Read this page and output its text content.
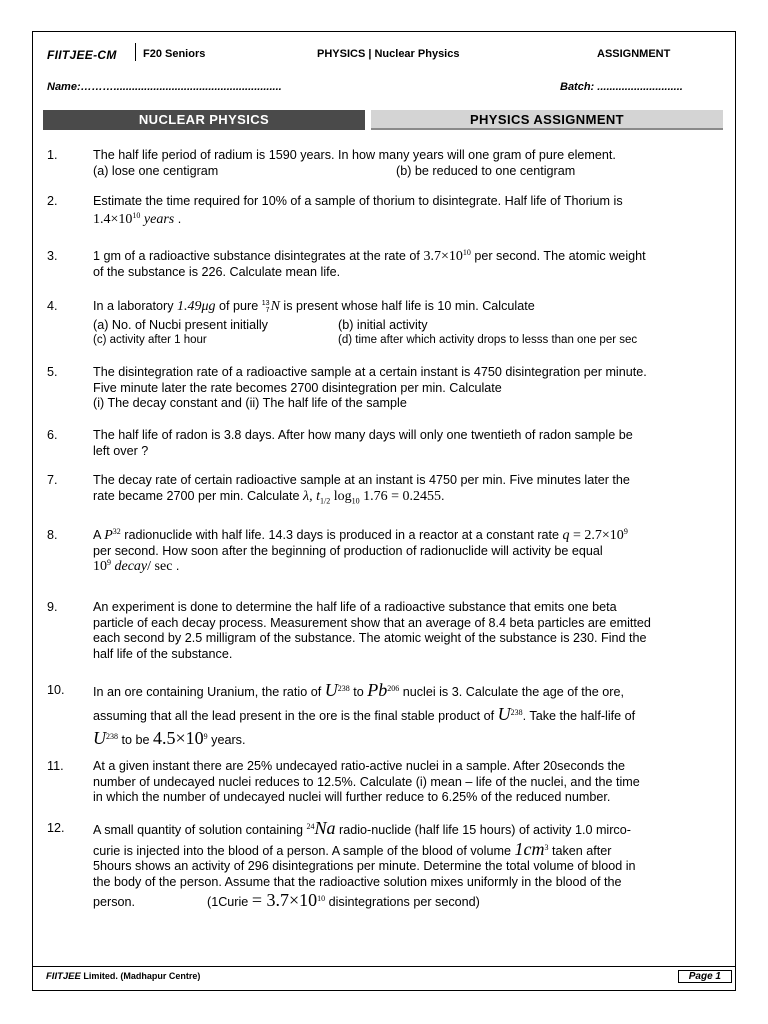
FIITJEE-CM F20 Seniors	PHYSICS | Nuclear Physics	ASSIGNMENT
Name:……….......................................................	Batch: ............................
NUCLEAR PHYSICS	PHYSICS ASSIGNMENT
1.	The half life period of radium is 1590 years. In how many years will one gram of pure element.
(a) lose one centigram	(b) be reduced to one centigram
2.	Estimate the time required for 10% of a sample of thorium to disintegrate. Half life of Thorium is
$1.4\times 10^{10}$ years .
3.	1 gm of a radioactive substance disintegrates at the rate of $3.7\times 10^{10}$ per second. The atomic weight
of the substance is 226. Calculate mean life.
4.	In a laboratory 1.49μg of pure 13
7N is present whose half life is 10 min. Calculate
(a) No. of Nucbi present initially	(b) initial activity
(c) activity after 1 hour	(d) time after which activity drops to lesss than one per sec
5.	The disintegration rate of a radioactive sample at a certain instant is 4750 disintegration per minute.
Five minute later the rate becomes 2700 disintegration per min. Calculate
(i) The decay constant and (ii) The half life of the sample
6.	The half life of radon is 3.8 days. After how many days will only one twentieth of radon sample be
left over ?
7.	The decay rate of certain radioactive sample at an instant is 4750 per min. Five minutes later the
rate became 2700 per min. Calculate λ, $t_{1/2}$ $\log_{10} 1.76 = 0.2455$.
8.	A $P^{32}$ radionuclide with half life. 14.3 days is produced in a reactor at a constant rate $q = 2.7\times 10^9$
per second. How soon after the beginning of production of radionuclide will activity be equal
$10^9$ decay/ sec .
9.	An experiment is done to determine the half life of a radioactive substance that emits one beta
particle of each decay process. Measurement show that an average of 8.4 beta particles are emitted
each second by 2.5 milligram of the substance. The atomic weight of the substance is 230. Find the
half life of the substance.
10. In an ore containing Uranium, the ratio of $U^{238}$ to Pb$^{206}$ nuclei is 3. Calculate the age of the ore,
assuming that all the lead present in the ore is the final stable product of $U^{238}$. Take the half-life of
$U^{238}$ to be $4.5\times 10^9$ years.
11. At a given instant there are 25% undecayed ratio-active nuclei in a sample. After 20seconds the
number of undecayed nuclei reduces to 12.5%. Calculate (i) mean – life of the nuclei, and the time
in which the number of undecayed nuclei will further reduce to 6.25% of the reduced number.
12. A small quantity of solution containing $^{24}$Na radio-nuclide (half life 15 hours) of activity 1.0 mirco-
curie is injected into the blood of a person. A sample of the blood of volume $1cm^3$ taken after
5hours shows an activity of 296 disintegrations per minute. Determine the total volume of blood in
the body of the person. Assume that the radioactive solution mixes uniformly in the blood of the
person.	(1Curie = $3.7\times 10^{10}$ disintegrations per second)
FIITJEE Limited. (Madhapur Centre)	Page 1
